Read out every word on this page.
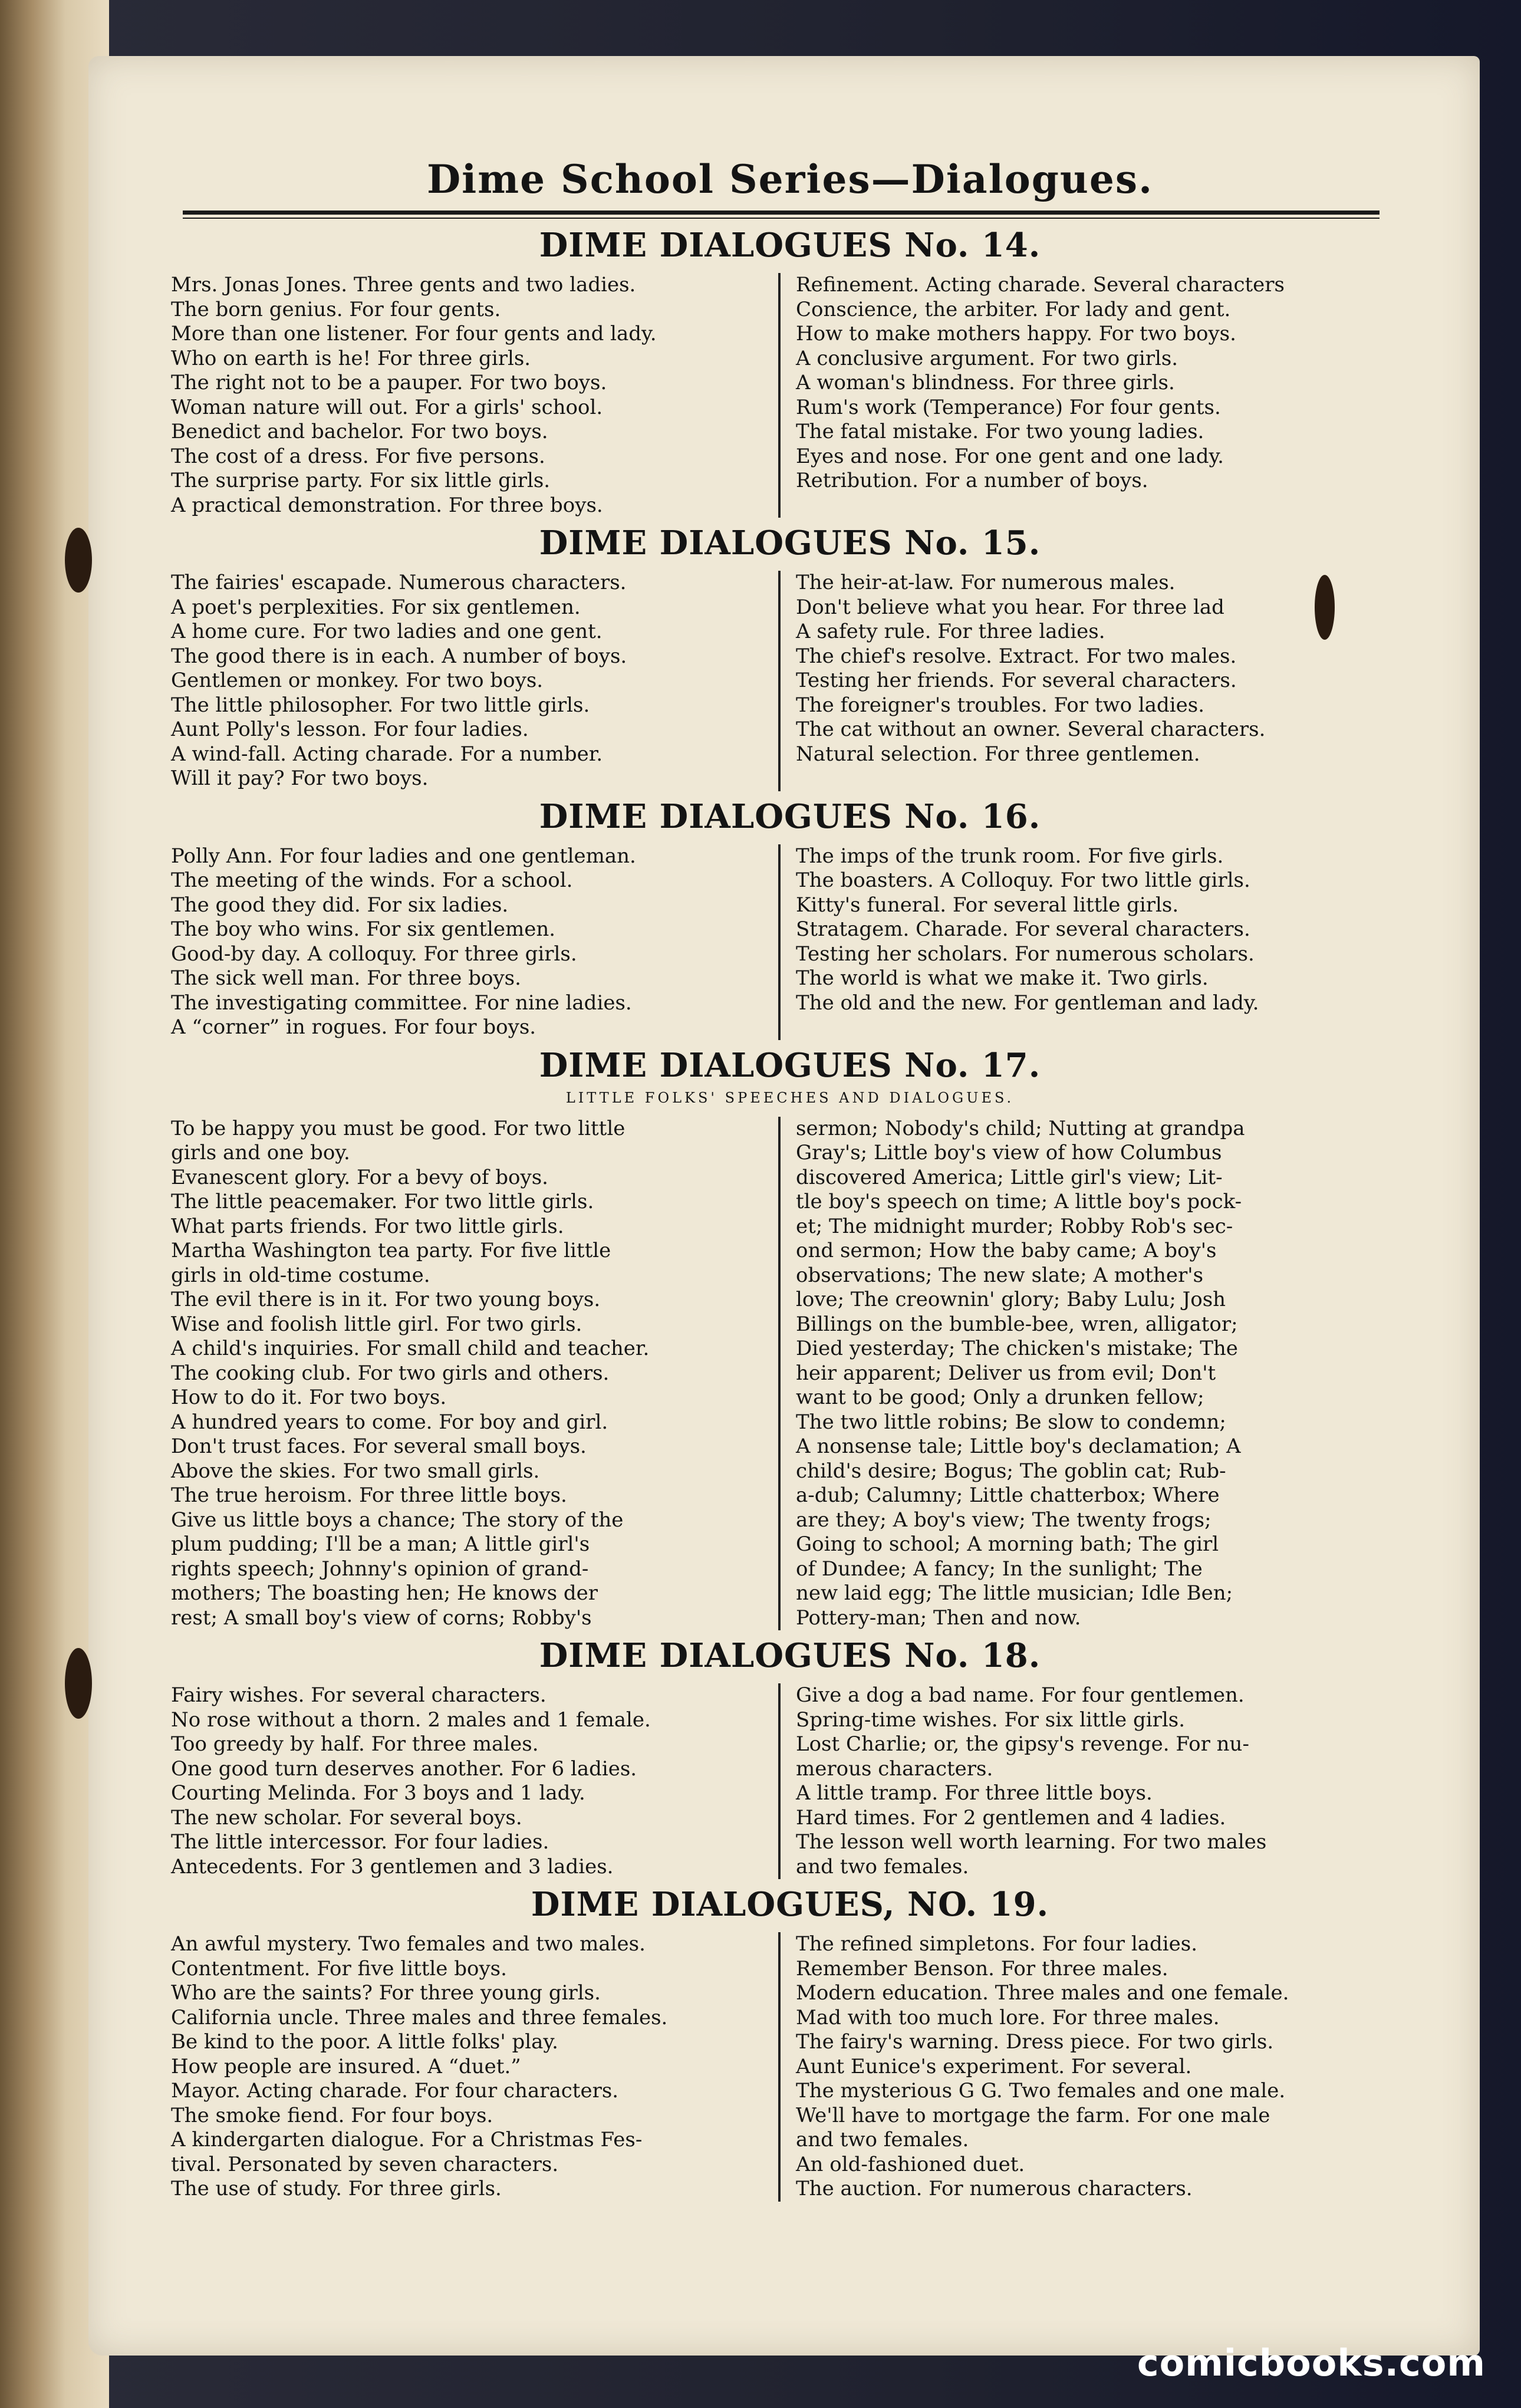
Dime School Series—Dialogues.
DIME DIALOGUES No. 14.
Mrs. Jonas Jones. Three gents and two ladies.
The born genius. For four gents.
More than one listener. For four gents and lady.
Who on earth is he! For three girls.
The right not to be a pauper. For two boys.
Woman nature will out. For a girls' school.
Benedict and bachelor. For two boys.
The cost of a dress. For five persons.
The surprise party. For six little girls.
A practical demonstration. For three boys.
Refinement. Acting charade. Several characters
Conscience, the arbiter. For lady and gent.
How to make mothers happy. For two boys.
A conclusive argument. For two girls.
A woman's blindness. For three girls.
Rum's work (Temperance) For four gents.
The fatal mistake. For two young ladies.
Eyes and nose. For one gent and one lady.
Retribution. For a number of boys.
DIME DIALOGUES No. 15.
The fairies' escapade. Numerous characters.
A poet's perplexities. For six gentlemen.
A home cure. For two ladies and one gent.
The good there is in each. A number of boys.
Gentlemen or monkey. For two boys.
The little philosopher. For two little girls.
Aunt Polly's lesson. For four ladies.
A wind-fall. Acting charade. For a number.
Will it pay? For two boys.
The heir-at-law. For numerous males.
Don't believe what you hear. For three lad
A safety rule. For three ladies.
The chief's resolve. Extract. For two males.
Testing her friends. For several characters.
The foreigner's troubles. For two ladies.
The cat without an owner. Several characters.
Natural selection. For three gentlemen.
DIME DIALOGUES No. 16.
Polly Ann. For four ladies and one gentleman.
The meeting of the winds. For a school.
The good they did. For six ladies.
The boy who wins. For six gentlemen.
Good-by day. A colloquy. For three girls.
The sick well man. For three boys.
The investigating committee. For nine ladies.
A “corner” in rogues. For four boys.
The imps of the trunk room. For five girls.
The boasters. A Colloquy. For two little girls.
Kitty's funeral. For several little girls.
Stratagem. Charade. For several characters.
Testing her scholars. For numerous scholars.
The world is what we make it. Two girls.
The old and the new. For gentleman and lady.
DIME DIALOGUES No. 17.
LITTLE FOLKS' SPEECHES AND DIALOGUES.
To be happy you must be good. For two little
girls and one boy.
Evanescent glory. For a bevy of boys.
The little peacemaker. For two little girls.
What parts friends. For two little girls.
Martha Washington tea party. For five little
girls in old-time costume.
The evil there is in it. For two young boys.
Wise and foolish little girl. For two girls.
A child's inquiries. For small child and teacher.
The cooking club. For two girls and others.
How to do it. For two boys.
A hundred years to come. For boy and girl.
Don't trust faces. For several small boys.
Above the skies. For two small girls.
The true heroism. For three little boys.
Give us little boys a chance; The story of the
plum pudding; I'll be a man; A little girl's
rights speech; Johnny's opinion of grand-
mothers; The boasting hen; He knows der
rest; A small boy's view of corns; Robby's
sermon; Nobody's child; Nutting at grandpa
Gray's; Little boy's view of how Columbus
discovered America; Little girl's view; Lit-
tle boy's speech on time; A little boy's pock-
et; The midnight murder; Robby Rob's sec-
ond sermon; How the baby came; A boy's
observations; The new slate; A mother's
love; The creownin' glory; Baby Lulu; Josh
Billings on the bumble-bee, wren, alligator;
Died yesterday; The chicken's mistake; The
heir apparent; Deliver us from evil; Don't
want to be good; Only a drunken fellow;
The two little robins; Be slow to condemn;
A nonsense tale; Little boy's declamation; A
child's desire; Bogus; The goblin cat; Rub-
a-dub; Calumny; Little chatterbox; Where
are they; A boy's view; The twenty frogs;
Going to school; A morning bath; The girl
of Dundee; A fancy; In the sunlight; The
new laid egg; The little musician; Idle Ben;
Pottery-man; Then and now.
DIME DIALOGUES No. 18.
Fairy wishes. For several characters.
No rose without a thorn. 2 males and 1 female.
Too greedy by half. For three males.
One good turn deserves another. For 6 ladies.
Courting Melinda. For 3 boys and 1 lady.
The new scholar. For several boys.
The little intercessor. For four ladies.
Antecedents. For 3 gentlemen and 3 ladies.
Give a dog a bad name. For four gentlemen.
Spring-time wishes. For six little girls.
Lost Charlie; or, the gipsy's revenge. For nu-
merous characters.
A little tramp. For three little boys.
Hard times. For 2 gentlemen and 4 ladies.
The lesson well worth learning. For two males
and two females.
DIME DIALOGUES, NO. 19.
An awful mystery. Two females and two males.
Contentment. For five little boys.
Who are the saints? For three young girls.
California uncle. Three males and three females.
Be kind to the poor. A little folks' play.
How people are insured. A “duet.”
Mayor. Acting charade. For four characters.
The smoke fiend. For four boys.
A kindergarten dialogue. For a Christmas Fes-
tival. Personated by seven characters.
The use of study. For three girls.
The refined simpletons. For four ladies.
Remember Benson. For three males.
Modern education. Three males and one female.
Mad with too much lore. For three males.
The fairy's warning. Dress piece. For two girls.
Aunt Eunice's experiment. For several.
The mysterious G G. Two females and one male.
We'll have to mortgage the farm. For one male
and two females.
An old-fashioned duet.
The auction. For numerous characters.
comicbooks.com
